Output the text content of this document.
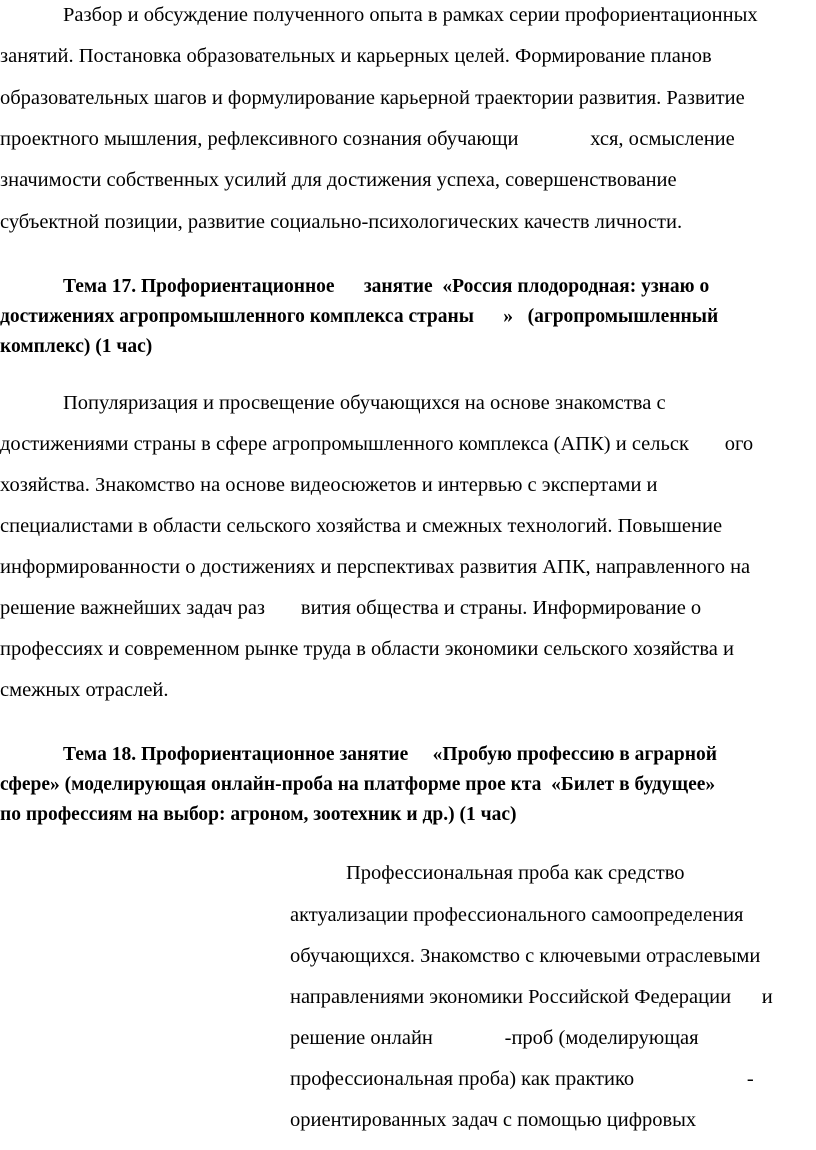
Разбор и обсуждение полученного опыта в рамках серии профориентационных
занятий. Постановка образовательных и карьерных целей. Формирование планов
образовательных шагов и формулирование карьерной траектории развития. Развитие
проектного мышления, рефлексивного сознания обучающи              хся, осмысление
значимости собственных усилий для достижения успеха, совершенствование
субъектной позиции, развитие социально-психологических качеств личности.
Тема 17. Профориентационное      занятие  «Россия плодородная: узнаю о
достижениях агропромышленного комплекса страны      »   (агропромышленный
комплекс) (1 час)
Популяризация и просвещение обучающихся на основе знакомства с
достижениями страны в сфере агропромышленного комплекса (АПК) и сельск       ого
хозяйства. Знакомство на основе видеосюжетов и интервью с экспертами и
специалистами в области сельского хозяйства и смежных технологий. Повышение
информированности о достижениях и перспективах развития АПК, направленного на
решение важнейших задач раз       вития общества и страны. Информирование о
профессиях и современном рынке труда в области экономики сельского хозяйства и
смежных отраслей.
Тема 18. Профориентационное занятие     «Пробую профессию в аграрной
сфере» (моделирующая онлайн-проба на платформе прое кта  «Билет в будущее»
по профессиям на выбор: агроном, зоотехник и др.) (1 час)
Профессиональная проба как средство
актуализации профессионального самоопределения
обучающихся. Знакомство с ключевыми отраслевыми
направлениями экономики Российской Федерации      и
решение онлайн              -проб (моделирующая
профессиональная проба) как практико                      -
ориентированных задач с помощью цифровых
